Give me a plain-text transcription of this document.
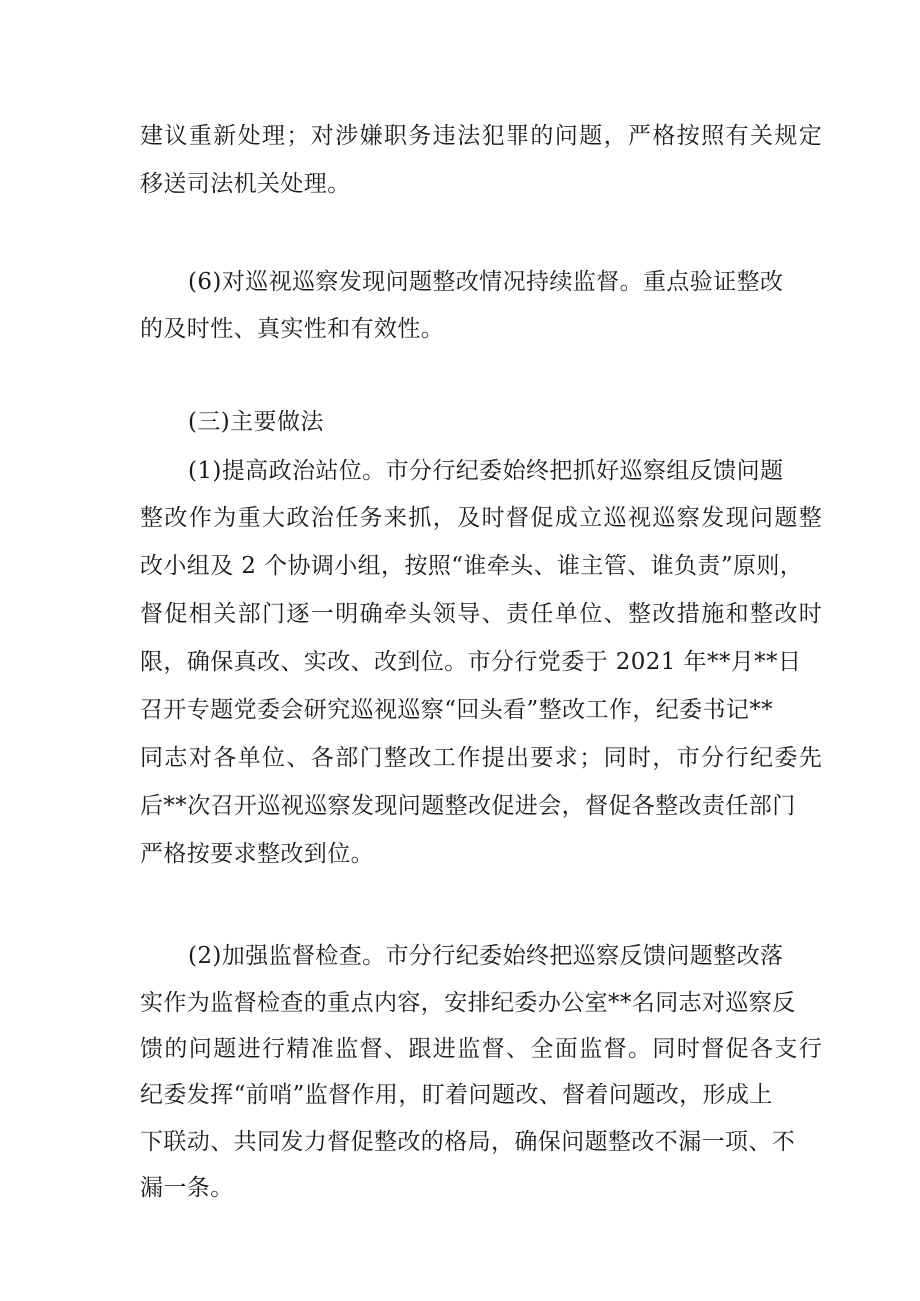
建议重新处理；对涉嫌职务违法犯罪的问题，严格按照有关规定
移送司法机关处理。
(6)对巡视巡察发现问题整改情况持续监督。重点验证整改
的及时性、真实性和有效性。
(三)主要做法
(1)提高政治站位。市分行纪委始终把抓好巡察组反馈问题
整改作为重大政治任务来抓，及时督促成立巡视巡察发现问题整
改小组及 2 个协调小组，按照“谁牵头、谁主管、谁负责”原则，
督促相关部门逐一明确牵头领导、责任单位、整改措施和整改时
限，确保真改、实改、改到位。市分行党委于 2021 年**月**日
召开专题党委会研究巡视巡察“回头看”整改工作，纪委书记**
同志对各单位、各部门整改工作提出要求；同时，市分行纪委先
后**次召开巡视巡察发现问题整改促进会，督促各整改责任部门
严格按要求整改到位。
(2)加强监督检查。市分行纪委始终把巡察反馈问题整改落
实作为监督检查的重点内容，安排纪委办公室**名同志对巡察反
馈的问题进行精准监督、跟进监督、全面监督。同时督促各支行
纪委发挥“前哨”监督作用，盯着问题改、督着问题改，形成上
下联动、共同发力督促整改的格局，确保问题整改不漏一项、不
漏一条。
